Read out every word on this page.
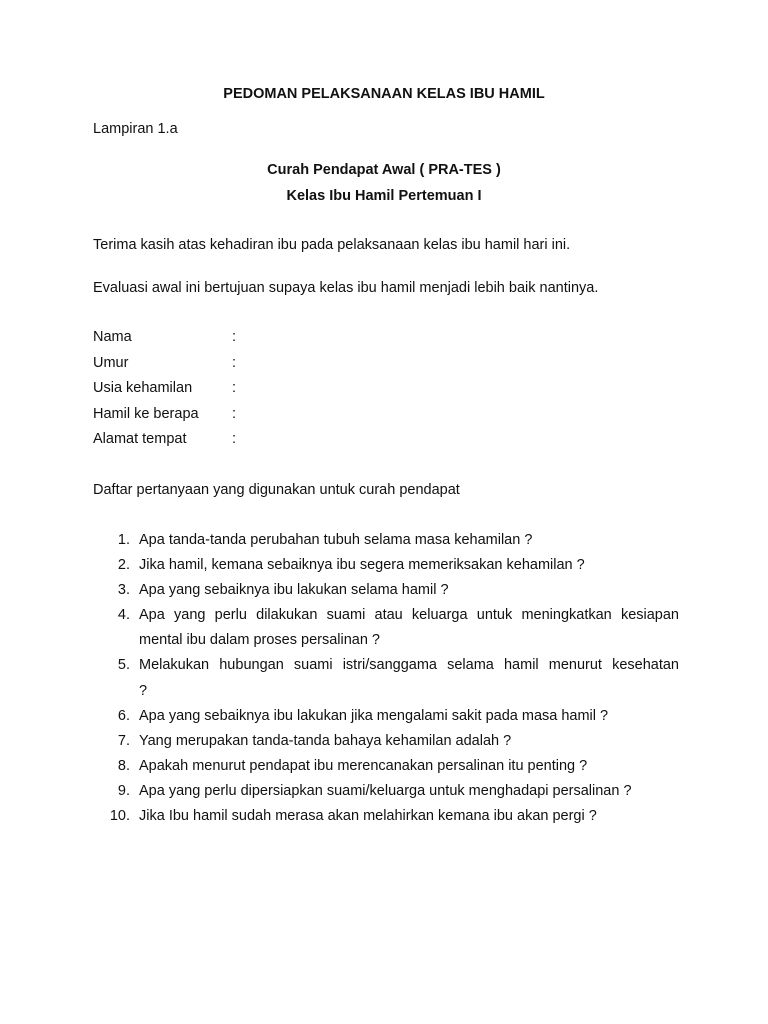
PEDOMAN PELAKSANAAN KELAS IBU HAMIL
Lampiran 1.a
Curah Pendapat Awal ( PRA-TES )
Kelas Ibu Hamil Pertemuan I
Terima kasih atas kehadiran ibu pada pelaksanaan kelas ibu hamil hari ini.
Evaluasi awal ini bertujuan supaya kelas ibu hamil menjadi lebih baik nantinya.
Nama	:
Umur	:
Usia kehamilan	:
Hamil ke berapa :
Alamat tempat	:
Daftar pertanyaan yang digunakan untuk curah pendapat
1. Apa tanda-tanda perubahan tubuh selama masa kehamilan ?
2. Jika hamil, kemana sebaiknya ibu segera memeriksakan kehamilan ?
3. Apa yang sebaiknya ibu lakukan selama hamil ?
4. Apa yang perlu dilakukan suami atau keluarga untuk meningkatkan kesiapan
mental ibu dalam proses persalinan ?
5. Melakukan hubungan suami istri/sanggama selama hamil menurut kesehatan
?
6. Apa yang sebaiknya ibu lakukan jika mengalami sakit pada masa hamil ?
7. Yang merupakan tanda-tanda bahaya kehamilan adalah ?
8. Apakah menurut pendapat ibu merencanakan persalinan itu penting ?
9. Apa yang perlu dipersiapkan suami/keluarga untuk menghadapi persalinan ?
10. Jika Ibu hamil sudah merasa akan melahirkan kemana ibu akan pergi ?
